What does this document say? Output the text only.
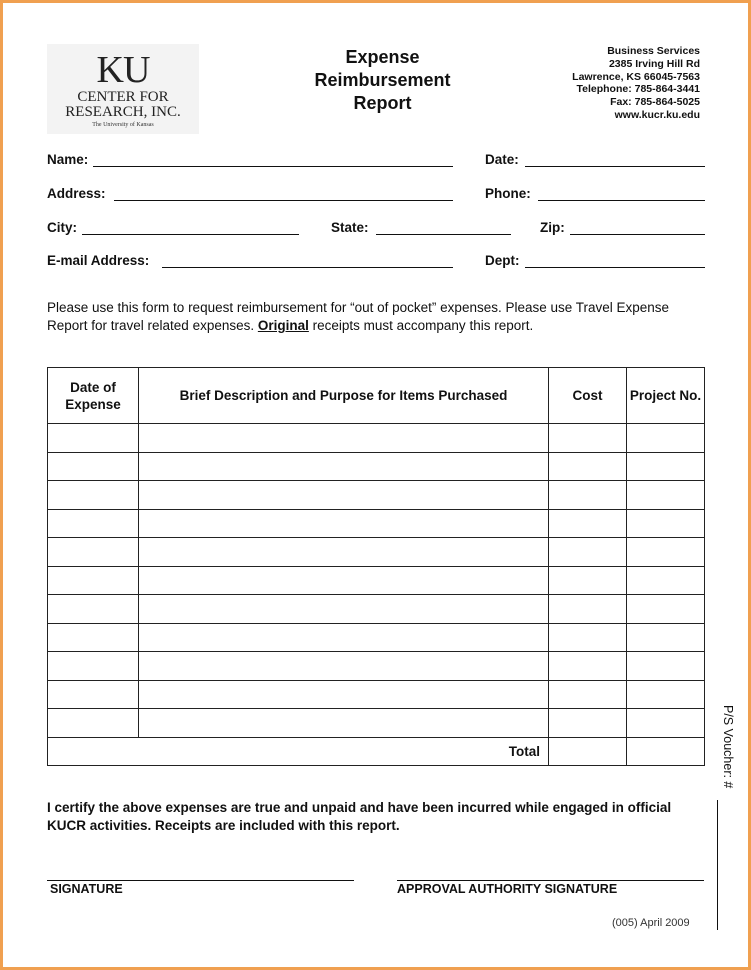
KU
CENTER FOR
RESEARCH, INC.
The University of Kansas
Expense
Reimbursement
Report
Business Services
2385 Irving Hill Rd
Lawrence, KS 66045-7563
Telephone: 785-864-3441
Fax: 785-864-5025
www.kucr.ku.edu
Name:	Date:
Address:	Phone:
City:	State:	Zip:
E-mail Address:	Dept:
Please use this form to request reimbursement for “out of pocket” expenses. Please use Travel Expense Report for travel related expenses. Original receipts must accompany this report.
Date of Expense	Brief Description and Purpose for Items Purchased	Cost	Project No.

Total			
I certify the above expenses are true and unpaid and have been incurred while engaged in official KUCR activities. Receipts are included with this report.
SIGNATURE	APPROVAL AUTHORITY SIGNATURE
P/S Voucher: #
(005) April 2009
